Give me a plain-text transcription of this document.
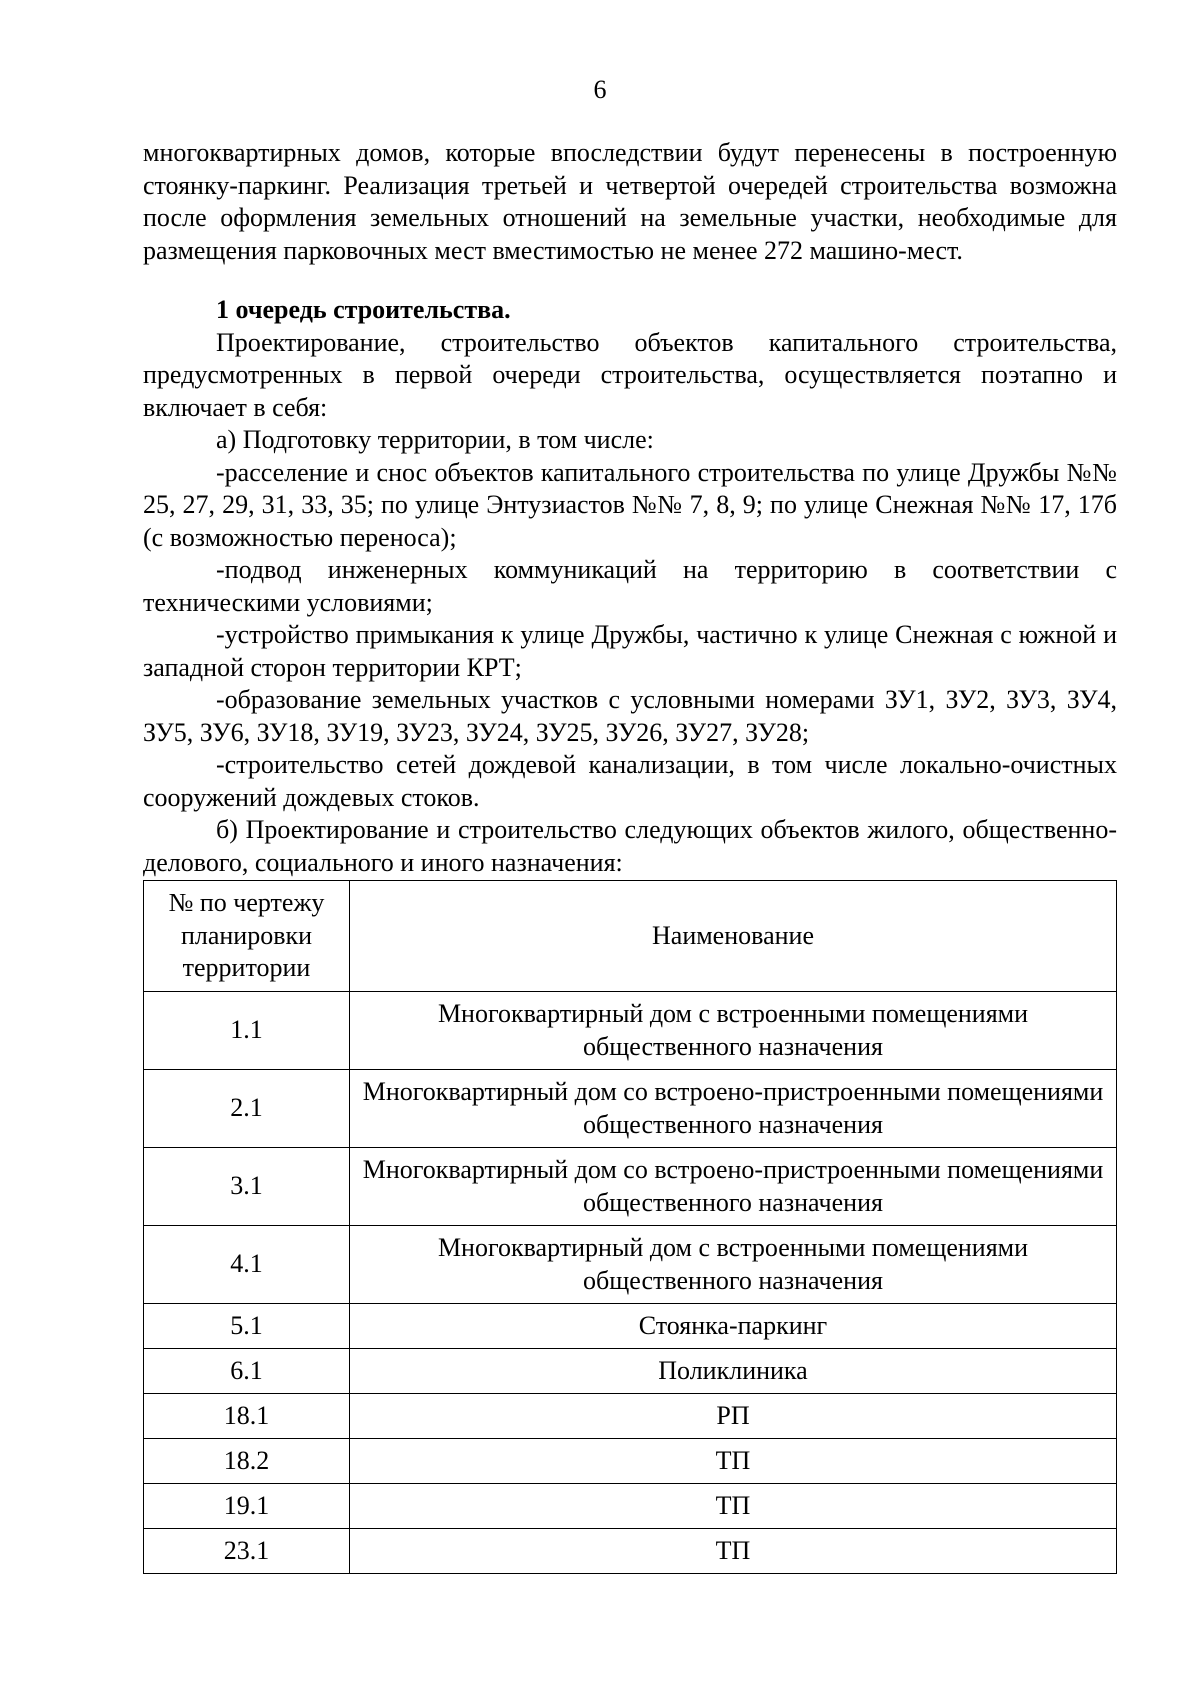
6

многоквартирных домов, которые впоследствии будут перенесены в построенную стоянку-паркинг. Реализация третьей и четвертой очередей строительства возможна после оформления земельных отношений на земельные участки, необходимые для размещения парковочных мест вместимостью не менее 272 машино-мест.

1 очередь строительства.

Проектирование, строительство объектов капитального строительства, предусмотренных в первой очереди строительства, осуществляется поэтапно и включает в себя:

а) Подготовку территории, в том числе:

-расселение и снос объектов капитального строительства по улице Дружбы №№ 25, 27, 29, 31, 33, 35; по улице Энтузиастов №№ 7, 8, 9; по улице Снежная №№ 17, 17б (с возможностью переноса);

-подвод инженерных коммуникаций на территорию в соответствии с техническими условиями;

-устройство примыкания к улице Дружбы, частично к улице Снежная с южной и западной сторон территории КРТ;

-образование земельных участков с условными номерами ЗУ1, ЗУ2, ЗУ3, ЗУ4, ЗУ5, ЗУ6, ЗУ18, ЗУ19, ЗУ23, ЗУ24, ЗУ25, ЗУ26, ЗУ27, ЗУ28;

-строительство сетей дождевой канализации, в том числе локально-очистных сооружений дождевых стоков.

б) Проектирование и строительство следующих объектов жилого, общественно-делового, социального и иного назначения:

№ по чертежу планировки территории	Наименование
1.1	Многоквартирный дом с встроенными помещениями общественного назначения
2.1	Многоквартирный дом со встроено-пристроенными помещениями общественного назначения
3.1	Многоквартирный дом со встроено-пристроенными помещениями общественного назначения
4.1	Многоквартирный дом с встроенными помещениями общественного назначения
5.1	Стоянка-паркинг
6.1	Поликлиника
18.1	РП
18.2	ТП
19.1	ТП
23.1	ТП
